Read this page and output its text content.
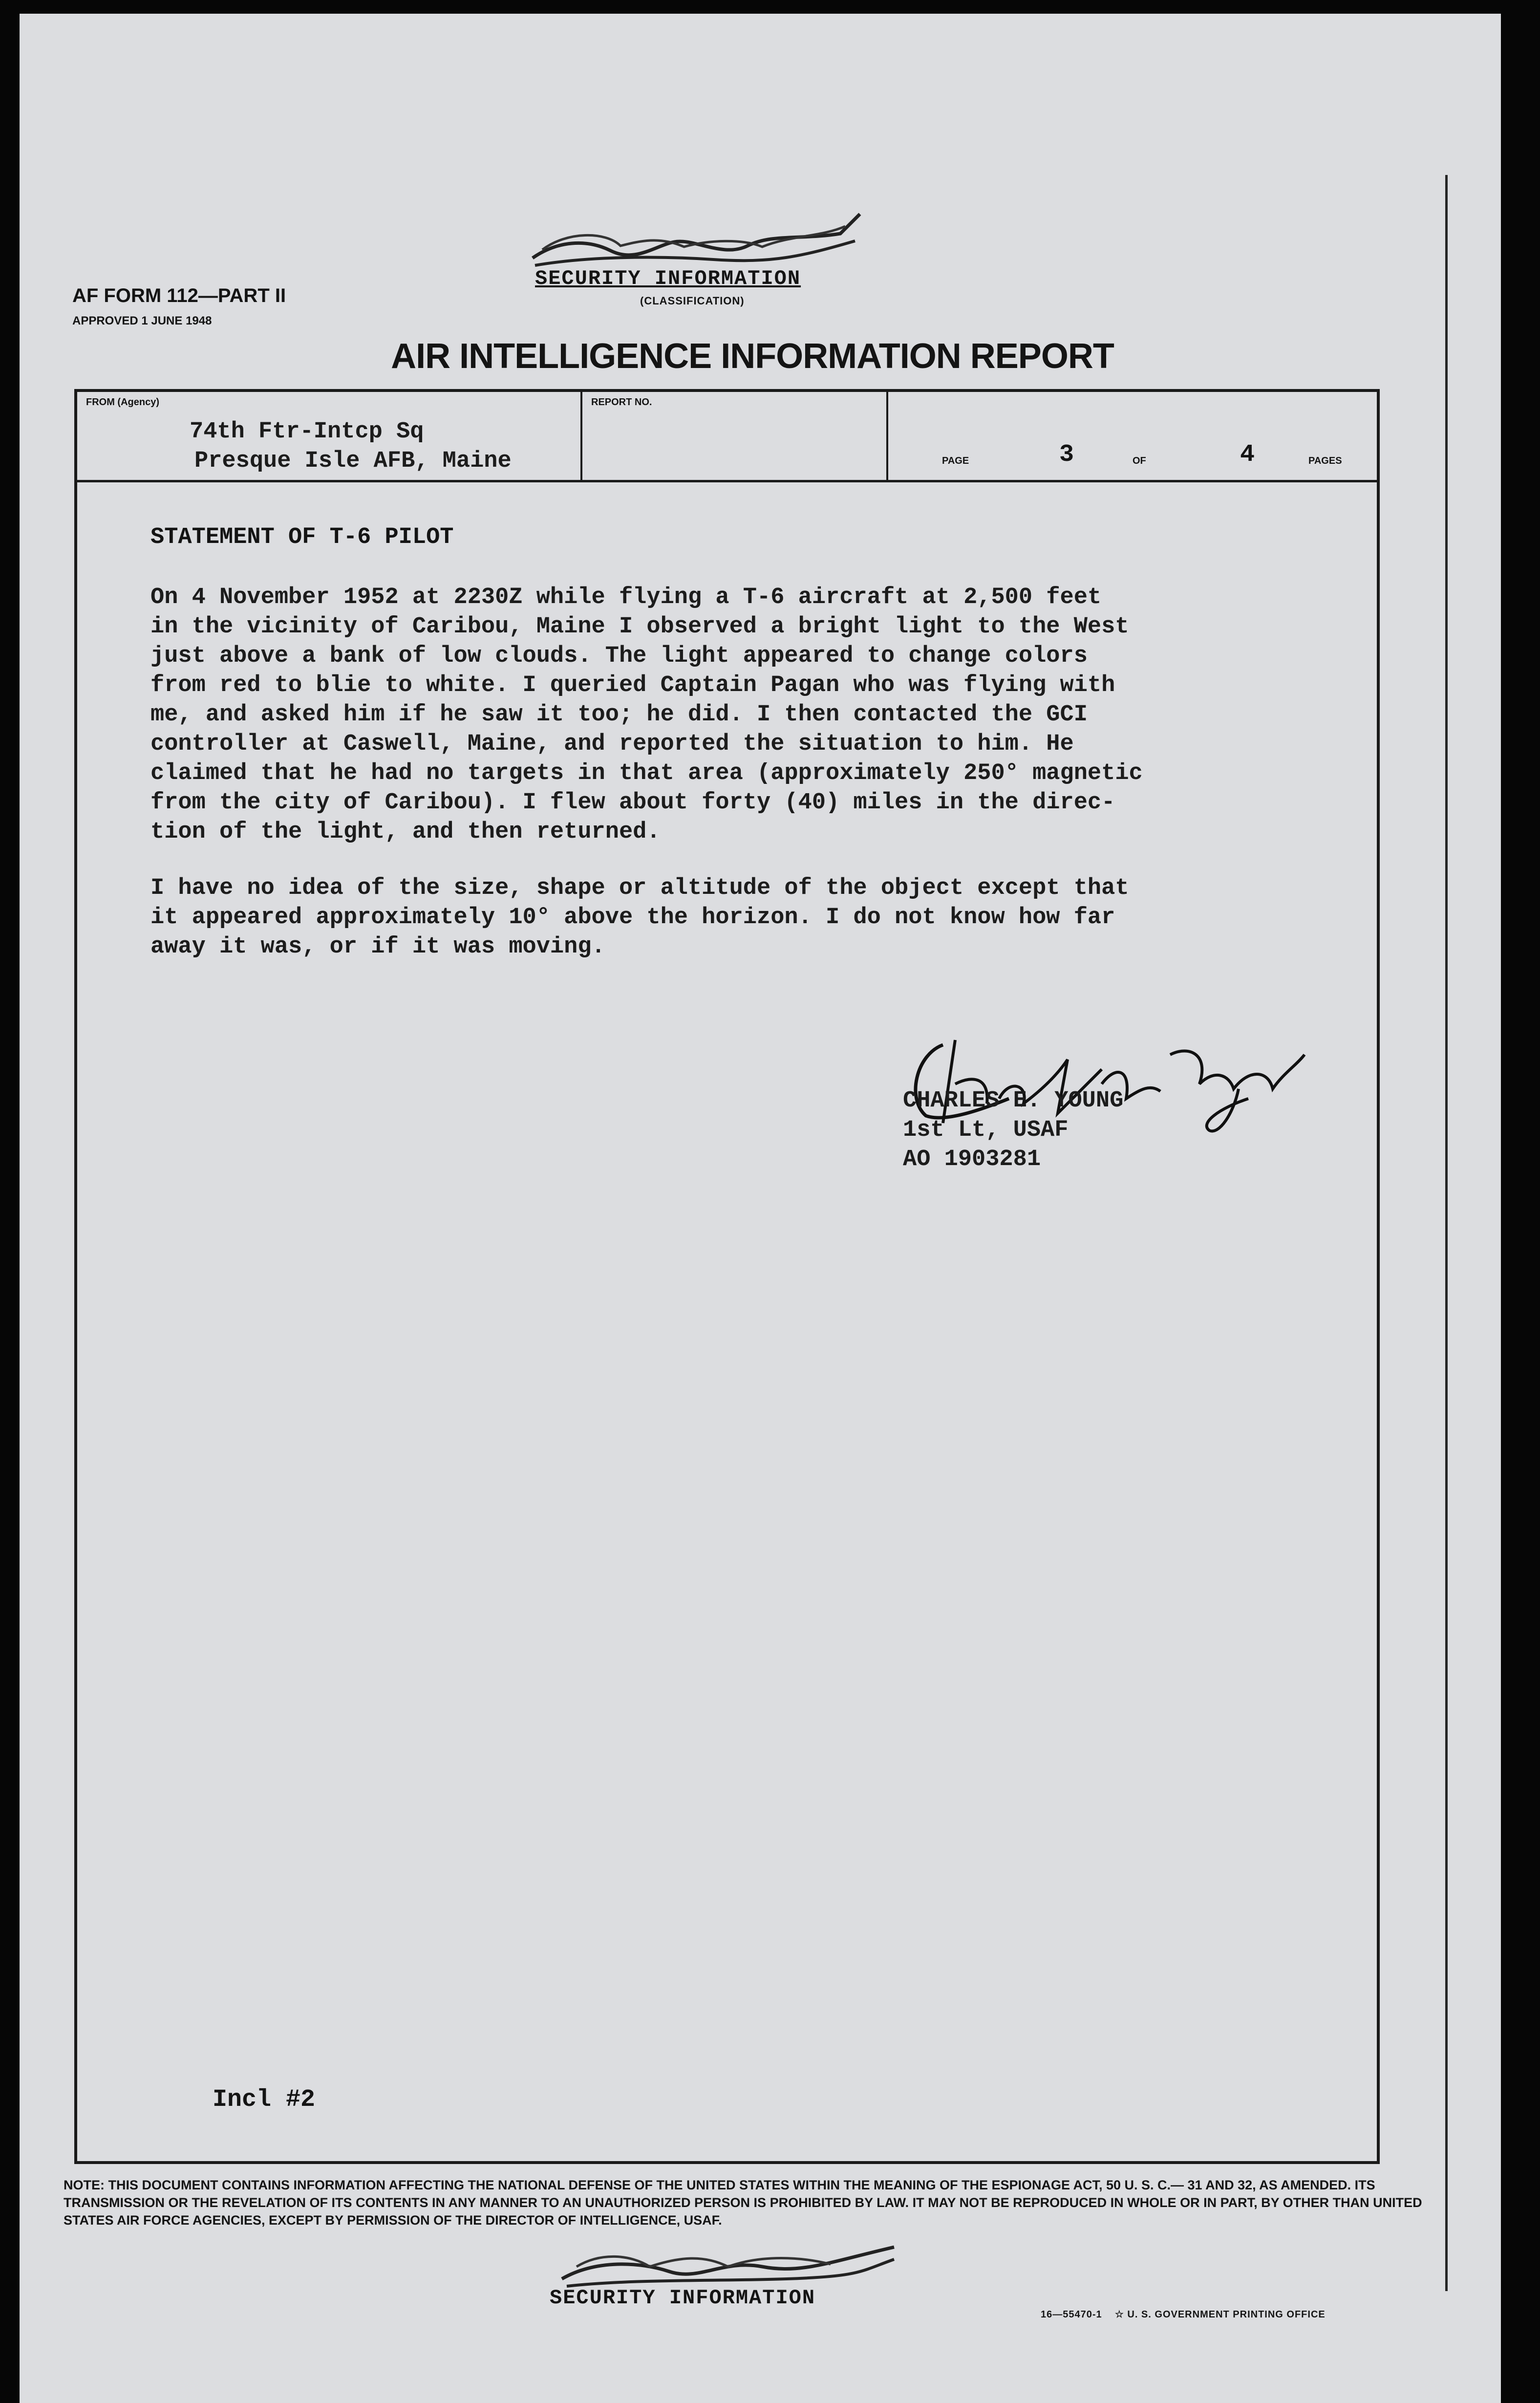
SECURITY INFORMATION
(CLASSIFICATION)
AF FORM 112—PART II
APPROVED 1 JUNE 1948
AIR INTELLIGENCE INFORMATION REPORT
FROM (Agency)
74th Ftr-Intcp Sq
Presque Isle AFB, Maine
REPORT NO.
PAGE	3	OF	4	PAGES
STATEMENT OF T-6 PILOT
On 4 November 1952 at 2230Z while flying a T-6 aircraft at 2,500 feet
in the vicinity of Caribou, Maine I observed a bright light to the West
just above a bank of low clouds. The light appeared to change colors
from red to blie to white. I queried Captain Pagan who was flying with
me, and asked him if he saw it too; he did. I then contacted the GCI
controller at Caswell, Maine, and reported the situation to him. He
claimed that he had no targets in that area (approximately 250° magnetic
from the city of Caribou). I flew about forty (40) miles in the direc-
tion of the light, and then returned.
I have no idea of the size, shape or altitude of the object except that
it appeared approximately 10° above the horizon. I do not know how far
away it was, or if it was moving.
CHARLES E. YOUNG
1st Lt, USAF
AO 1903281
Incl #2
NOTE: THIS DOCUMENT CONTAINS INFORMATION AFFECTING THE NATIONAL DEFENSE OF THE UNITED STATES WITHIN THE MEANING OF THE ESPIONAGE ACT, 50 U. S. C.— 31 AND 32, AS AMENDED. ITS TRANSMISSION OR THE REVELATION OF ITS CONTENTS IN ANY MANNER TO AN UNAUTHORIZED PERSON IS PROHIBITED BY LAW. IT MAY NOT BE REPRODUCED IN WHOLE OR IN PART, BY OTHER THAN UNITED STATES AIR FORCE AGENCIES, EXCEPT BY PERMISSION OF THE DIRECTOR OF INTELLIGENCE, USAF.
SECURITY INFORMATION
16—55470-1 ☆ U. S. GOVERNMENT PRINTING OFFICE
